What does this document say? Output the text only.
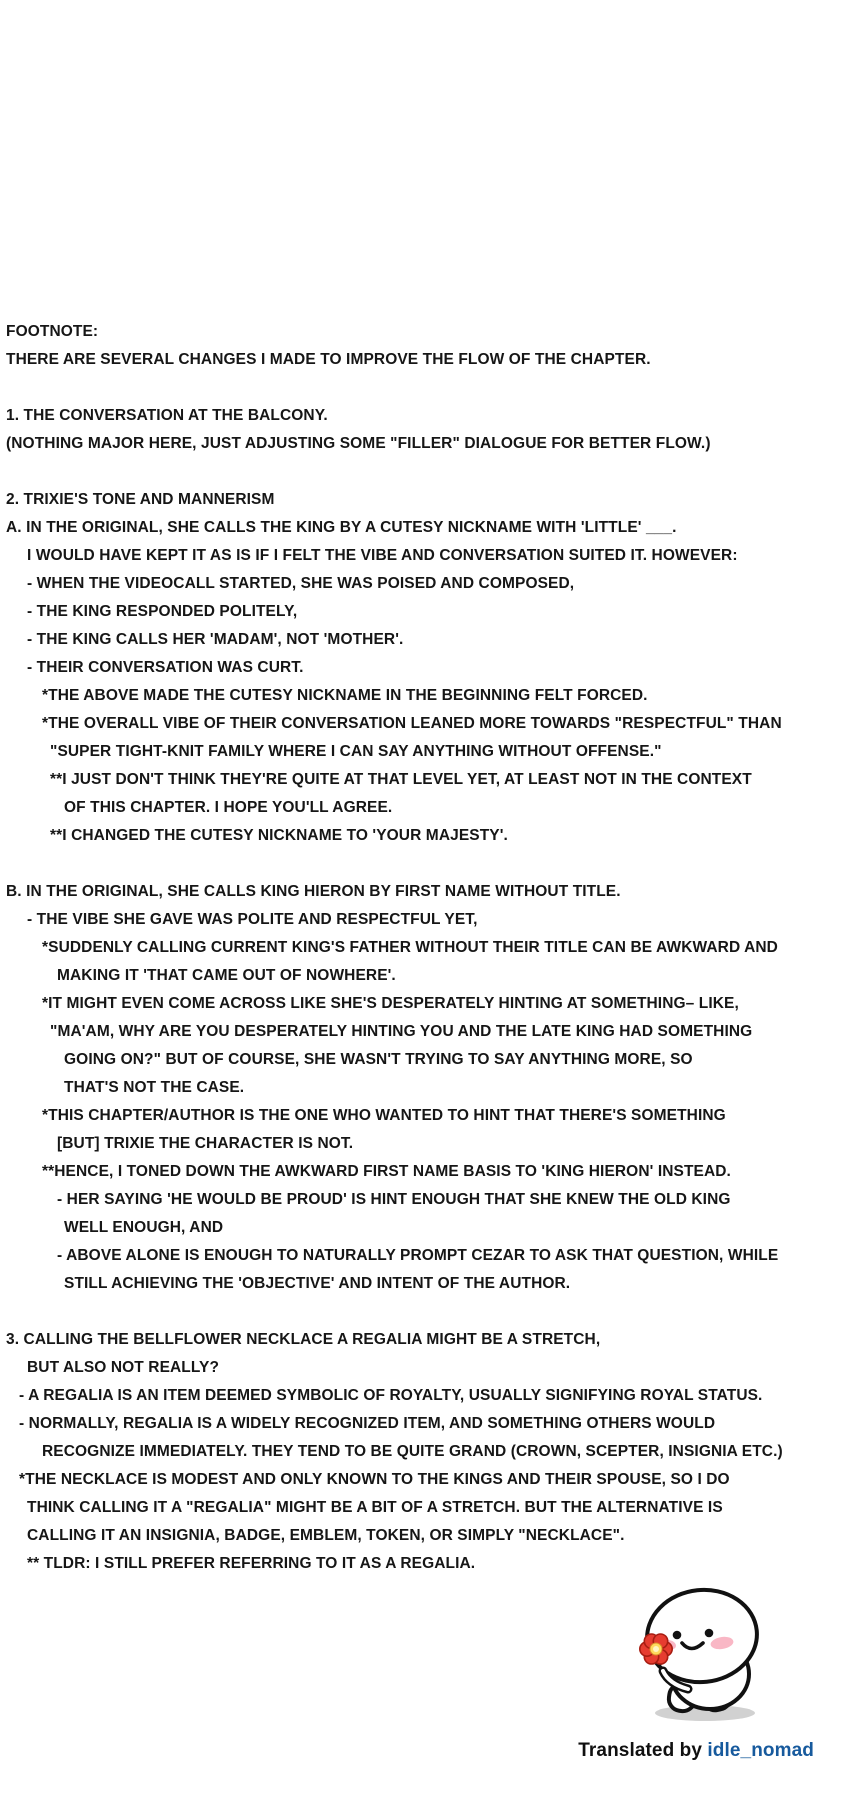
FOOTNOTE:
THERE ARE SEVERAL CHANGES I MADE TO IMPROVE THE FLOW OF THE CHAPTER.
1. THE CONVERSATION AT THE BALCONY.
(NOTHING MAJOR HERE, JUST ADJUSTING SOME "FILLER" DIALOGUE FOR BETTER FLOW.)
2. TRIXIE'S TONE AND MANNERISM
A. IN THE ORIGINAL, SHE CALLS THE KING BY A CUTESY NICKNAME WITH 'LITTLE' ___.
I WOULD HAVE KEPT IT AS IS IF I FELT THE VIBE AND CONVERSATION SUITED IT. HOWEVER:
- WHEN THE VIDEOCALL STARTED, SHE WAS POISED AND COMPOSED,
- THE KING RESPONDED POLITELY,
- THE KING CALLS HER 'MADAM', NOT 'MOTHER'.
- THEIR CONVERSATION WAS CURT.
*THE ABOVE MADE THE CUTESY NICKNAME IN THE BEGINNING FELT FORCED.
*THE OVERALL VIBE OF THEIR CONVERSATION LEANED MORE TOWARDS "RESPECTFUL" THAN
"SUPER TIGHT-KNIT FAMILY WHERE I CAN SAY ANYTHING WITHOUT OFFENSE."
**I JUST DON'T THINK THEY'RE QUITE AT THAT LEVEL YET, AT LEAST NOT IN THE CONTEXT
OF THIS CHAPTER. I HOPE YOU'LL AGREE.
**I CHANGED THE CUTESY NICKNAME TO 'YOUR MAJESTY'.
B. IN THE ORIGINAL, SHE CALLS KING HIERON BY FIRST NAME WITHOUT TITLE.
- THE VIBE SHE GAVE WAS POLITE AND RESPECTFUL YET,
*SUDDENLY CALLING CURRENT KING'S FATHER WITHOUT THEIR TITLE CAN BE AWKWARD AND
MAKING IT 'THAT CAME OUT OF NOWHERE'.
*IT MIGHT EVEN COME ACROSS LIKE SHE'S DESPERATELY HINTING AT SOMETHING– LIKE,
"MA'AM, WHY ARE YOU DESPERATELY HINTING YOU AND THE LATE KING HAD SOMETHING
GOING ON?" BUT OF COURSE, SHE WASN'T TRYING TO SAY ANYTHING MORE, SO
THAT'S NOT THE CASE.
*THIS CHAPTER/AUTHOR IS THE ONE WHO WANTED TO HINT THAT THERE'S SOMETHING
[BUT] TRIXIE THE CHARACTER IS NOT.
**HENCE, I TONED DOWN THE AWKWARD FIRST NAME BASIS TO 'KING HIERON' INSTEAD.
- HER SAYING 'HE WOULD BE PROUD' IS HINT ENOUGH THAT SHE KNEW THE OLD KING
WELL ENOUGH, AND
- ABOVE ALONE IS ENOUGH TO NATURALLY PROMPT CEZAR TO ASK THAT QUESTION, WHILE
STILL ACHIEVING THE 'OBJECTIVE' AND INTENT OF THE AUTHOR.
3. CALLING THE BELLFLOWER NECKLACE A REGALIA MIGHT BE A STRETCH,
BUT ALSO NOT REALLY?
- A REGALIA IS AN ITEM DEEMED SYMBOLIC OF ROYALTY, USUALLY SIGNIFYING ROYAL STATUS.
- NORMALLY, REGALIA IS A WIDELY RECOGNIZED ITEM, AND SOMETHING OTHERS WOULD
RECOGNIZE IMMEDIATELY. THEY TEND TO BE QUITE GRAND (CROWN, SCEPTER, INSIGNIA ETC.)
*THE NECKLACE IS MODEST AND ONLY KNOWN TO THE KINGS AND THEIR SPOUSE, SO I DO
THINK CALLING IT A "REGALIA" MIGHT BE A BIT OF A STRETCH. BUT THE ALTERNATIVE IS
CALLING IT AN INSIGNIA, BADGE, EMBLEM, TOKEN, OR SIMPLY "NECKLACE".
** TLDR: I STILL PREFER REFERRING TO IT AS A REGALIA.
Translated by idle_nomad
